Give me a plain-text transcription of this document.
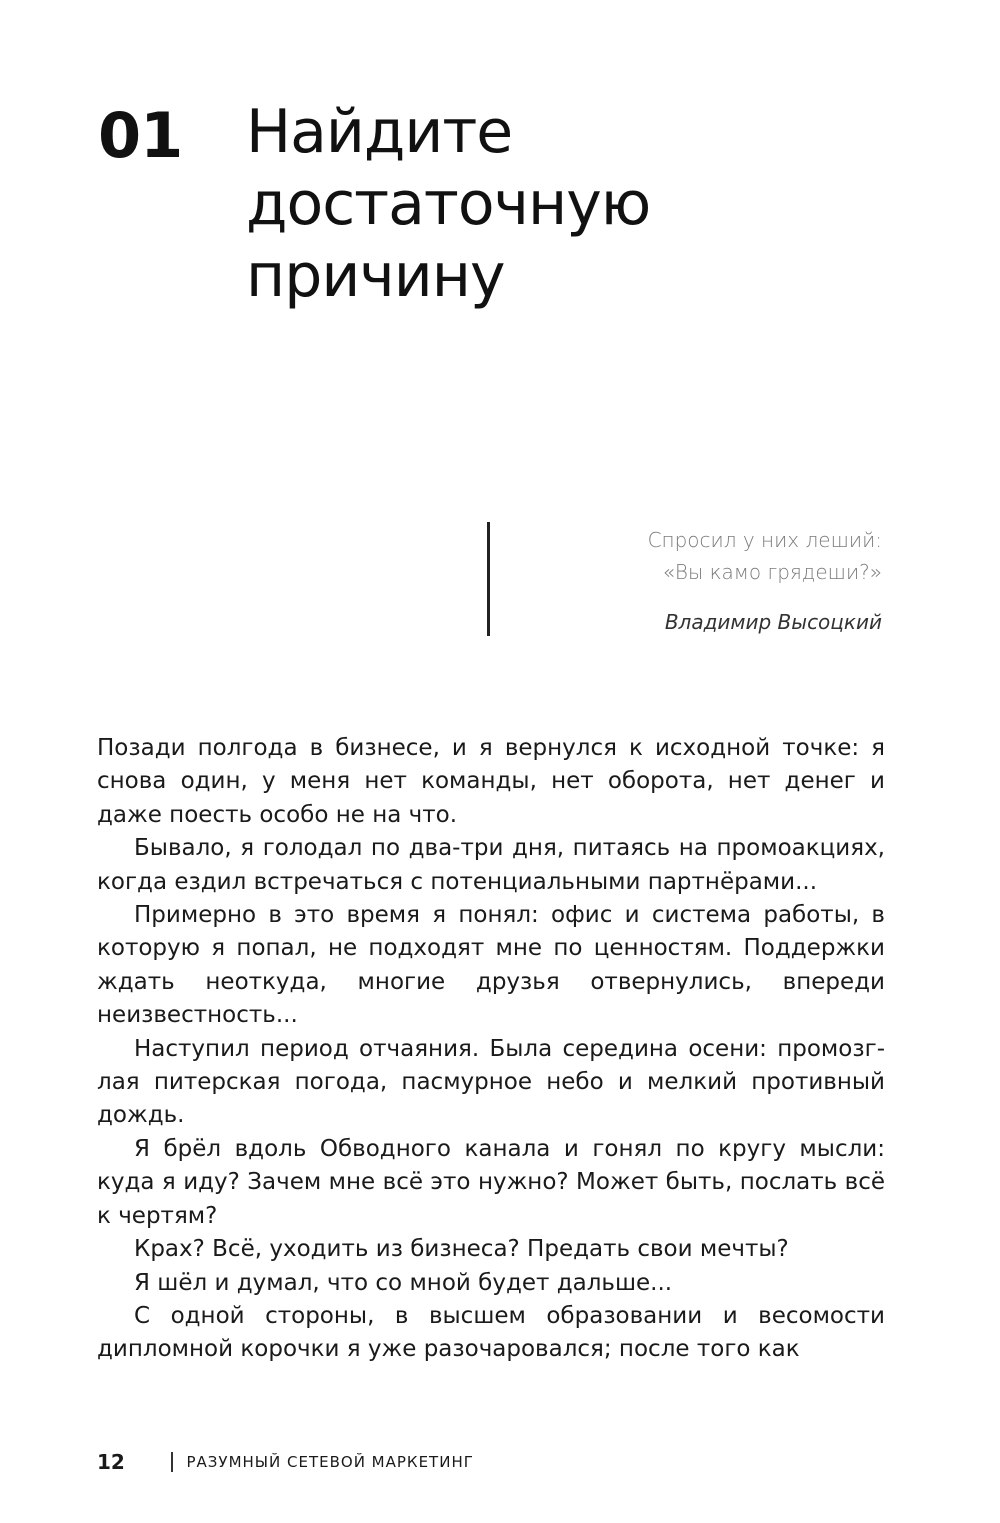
01 Найдите
достаточную
причину
Спросил у них леший:
«Вы камо грядеши?»
Владимир Высоцкий

Позади полгода в бизнесе, и я вернулся к исходной точке: я снова один, у меня нет команды, нет оборота, нет денег и даже поесть особо не на что.

Бывало, я голодал по два-три дня, питаясь на промоакциях, когда ездил встречаться с потенциальными партнёрами...

Примерно в это время я понял: офис и система работы, в которую я попал, не подходят мне по ценностям. Поддержки ждать неоткуда, многие друзья отвернулись, впереди неизвестность...

Наступил период отчаяния. Была середина осени: промозглая питерская погода, пасмурное небо и мелкий противный дождь.

Я брёл вдоль Обводного канала и гонял по кругу мысли: куда я иду? Зачем мне всё это нужно? Может быть, послать всё к чертям?

Крах? Всё, уходить из бизнеса? Предать свои мечты?

Я шёл и думал, что со мной будет дальше...

С одной стороны, в высшем образовании и весомости дипломной корочки я уже разочаровался; после того как

12	РАЗУМНЫЙ СЕТЕВОЙ МАРКЕТИНГ
